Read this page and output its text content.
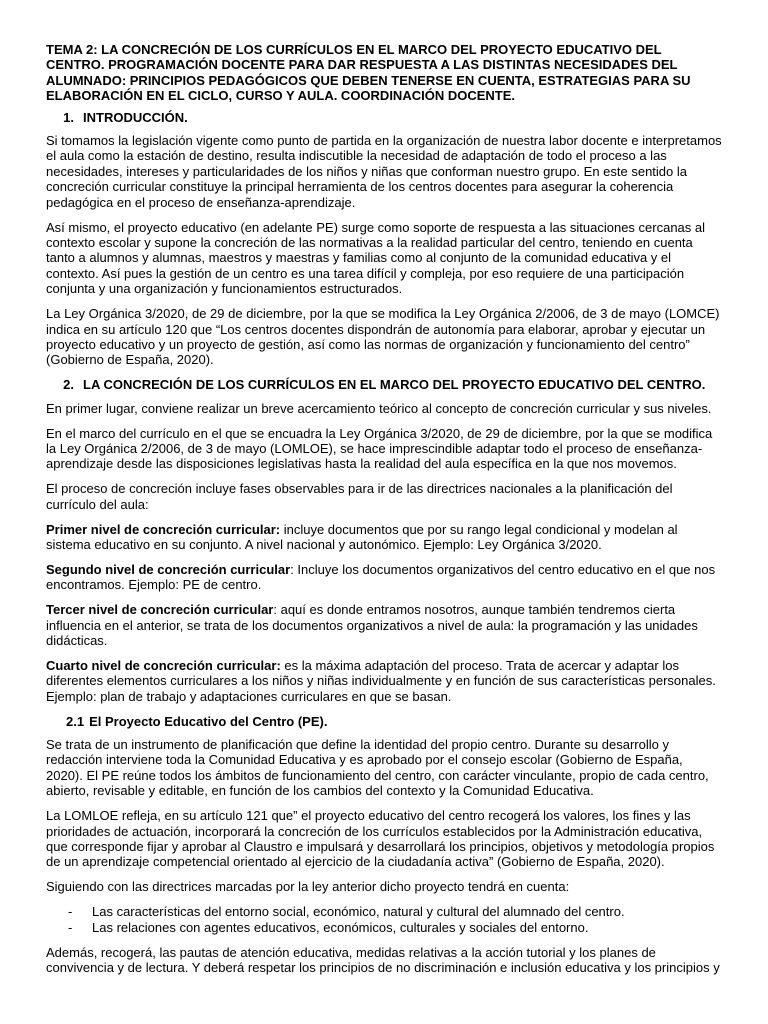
TEMA 2: LA CONCRECIÓN DE LOS CURRÍCULOS EN EL MARCO DEL PROYECTO EDUCATIVO DEL CENTRO. PROGRAMACIÓN DOCENTE PARA DAR RESPUESTA A LAS DISTINTAS NECESIDADES DEL ALUMNADO: PRINCIPIOS PEDAGÓGICOS QUE DEBEN TENERSE EN CUENTA, ESTRATEGIAS PARA SU ELABORACIÓN EN EL CICLO, CURSO Y AULA. COORDINACIÓN DOCENTE.

1. INTRODUCCIÓN.

Si tomamos la legislación vigente como punto de partida en la organización de nuestra labor docente e interpretamos el aula como la estación de destino, resulta indiscutible la necesidad de adaptación de todo el proceso a las necesidades, intereses y particularidades de los niños y niñas que conforman nuestro grupo. En este sentido la concreción curricular constituye la principal herramienta de los centros docentes para asegurar la coherencia pedagógica en el proceso de enseñanza-aprendizaje.

Así mismo, el proyecto educativo (en adelante PE) surge como soporte de respuesta a las situaciones cercanas al contexto escolar y supone la concreción de las normativas a la realidad particular del centro, teniendo en cuenta tanto a alumnos y alumnas, maestros y maestras y familias como al conjunto de la comunidad educativa y el contexto. Así pues la gestión de un centro es una tarea difícil y compleja, por eso requiere de una participación conjunta y una organización y funcionamientos estructurados.

La Ley Orgánica 3/2020, de 29 de diciembre, por la que se modifica la Ley Orgánica 2/2006, de 3 de mayo (LOMCE) indica en su artículo 120 que “Los centros docentes dispondrán de autonomía para elaborar, aprobar y ejecutar un proyecto educativo y un proyecto de gestión, así como las normas de organización y funcionamiento del centro” (Gobierno de España, 2020).

2. LA CONCRECIÓN DE LOS CURRÍCULOS EN EL MARCO DEL PROYECTO EDUCATIVO DEL CENTRO.

En primer lugar, conviene realizar un breve acercamiento teórico al concepto de concreción curricular y sus niveles.

En el marco del currículo en el que se encuadra la Ley Orgánica 3/2020, de 29 de diciembre, por la que se modifica la Ley Orgánica 2/2006, de 3 de mayo (LOMLOE), se hace imprescindible adaptar todo el proceso de enseñanza-aprendizaje desde las disposiciones legislativas hasta la realidad del aula específica en la que nos movemos.

El proceso de concreción incluye fases observables para ir de las directrices nacionales a la planificación del currículo del aula:

Primer nivel de concreción curricular: incluye documentos que por su rango legal condicional y modelan al sistema educativo en su conjunto. A nivel nacional y autonómico. Ejemplo: Ley Orgánica 3/2020.

Segundo nivel de concreción curricular: Incluye los documentos organizativos del centro educativo en el que nos encontramos. Ejemplo: PE de centro.

Tercer nivel de concreción curricular: aquí es donde entramos nosotros, aunque también tendremos cierta influencia en el anterior, se trata de los documentos organizativos a nivel de aula: la programación y las unidades didácticas.

Cuarto nivel de concreción curricular: es la máxima adaptación del proceso. Trata de acercar y adaptar los diferentes elementos curriculares a los niños y niñas individualmente y en función de sus características personales. Ejemplo: plan de trabajo y adaptaciones curriculares en que se basan.

2.1 El Proyecto Educativo del Centro (PE).

Se trata de un instrumento de planificación que define la identidad del propio centro. Durante su desarrollo y redacción interviene toda la Comunidad Educativa y es aprobado por el consejo escolar (Gobierno de España, 2020). El PE reúne todos los ámbitos de funcionamiento del centro, con carácter vinculante, propio de cada centro, abierto, revisable y editable, en función de los cambios del contexto y la Comunidad Educativa.

La LOMLOE refleja, en su artículo 121 que” el proyecto educativo del centro recogerá los valores, los fines y las prioridades de actuación, incorporará la concreción de los currículos establecidos por la Administración educativa, que corresponde fijar y aprobar al Claustro e impulsará y desarrollará los principios, objetivos y metodología propios de un aprendizaje competencial orientado al ejercicio de la ciudadanía activa” (Gobierno de España, 2020).

Siguiendo con las directrices marcadas por la ley anterior dicho proyecto tendrá en cuenta:

-	Las características del entorno social, económico, natural y cultural del alumnado del centro.
-	Las relaciones con agentes educativos, económicos, culturales y sociales del entorno.

Además, recogerá, las pautas de atención educativa, medidas relativas a la acción tutorial y los planes de convivencia y de lectura. Y deberá respetar los principios de no discriminación e inclusión educativa y los principios y
